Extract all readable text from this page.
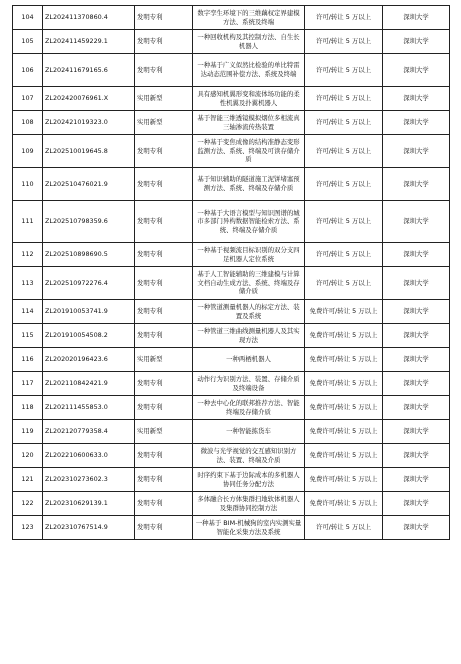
104	ZL202411370860.4	发明专利	数字孪生环境下的三维藕权定界建模方法、系统及终端	许可/转让 5 万以上	深圳大学
105	ZL202411459229.1	发明专利	一种回收机构及其控制方法、自生长机器人	许可/转让 5 万以上	深圳大学
106	ZL202411679165.6	发明专利	一种基于广义似然比检验的单比特雷达动态范围补偿方法、系统及终端	许可/转让 5 万以上	深圳大学
107	ZL202420076961.X	实用新型	具有感知机翼形变和流体场功能的柔性机翼及扑翼机器人	许可/转让 5 万以上	深圳大学
108	ZL202421019323.0	实用新型	基于智能三维透镜模拟烟位多相流真三轴渗流传热装置	许可/转让 5 万以上	深圳大学
109	ZL202510019645.8	发明专利	一种基于变焦成像的结构准静态变形监测方法、系统、终端及可读存储介质	许可/转让 5 万以上	深圳大学
110	ZL202510476021.9	发明专利	基于知识辅助的隧道施工泥饼堵塞预测方法、系统、终端及存储介质	许可/转让 5 万以上	深圳大学
111	ZL202510798359.6	发明专利	一种基于大语言模型与知识图谱的城市多部门异构数据智能检索方法、系统、终端及存储介质	许可/转让 5 万以上	深圳大学
112	ZL202510898690.5	发明专利	一种基于视频流目标识别的双分支四足机器人定位系统	许可/转让 5 万以上	深圳大学
113	ZL202510972276.4	发明专利	基于人工智能辅助的三维建模与计算文档自动生成方法、系统、终端及存储介质	许可/转让 5 万以上	深圳大学
114	ZL201910053741.9	发明专利	一种管道测量机器人的标定方法、装置及系统	免费许可/转让 5 万以上	深圳大学
115	ZL201910054508.2	发明专利	一种管道三维曲线测量机器人及其实现方法	免费许可/转让 5 万以上	深圳大学
116	ZL202020196423.6	实用新型	一种两栖机器人	免费许可/转让 5 万以上	深圳大学
117	ZL202110842421.9	发明专利	动作行为识别方法、装置、存储介质及终端设备	免费许可/转让 5 万以上	深圳大学
118	ZL202111455853.0	发明专利	一种去中心化的联邦推荐方法、智能终端及存储介质	免费许可/转让 5 万以上	深圳大学
119	ZL202120779358.4	实用新型	一种智能拣货车	免费许可/转让 5 万以上	深圳大学
120	ZL202210600633.0	发明专利	微波与光学视觉的交互感知识别方法、装置、终端及介质	免费许可/转让 5 万以上	深圳大学
121	ZL202310273602.3	发明专利	时序约束下基于边际成本的多机器人协同任务分配方法	免费许可/转让 5 万以上	深圳大学
122	ZL202310629139.1	发明专利	多体融合长方体集群扫地软体机器人及集群协同控制方法	免费许可/转让 5 万以上	深圳大学
123	ZL202310767514.9	发明专利	一种基于 BIM-机械狗的室内实测实量智能化采集方法及系统	许可/转让 5 万以上	深圳大学
